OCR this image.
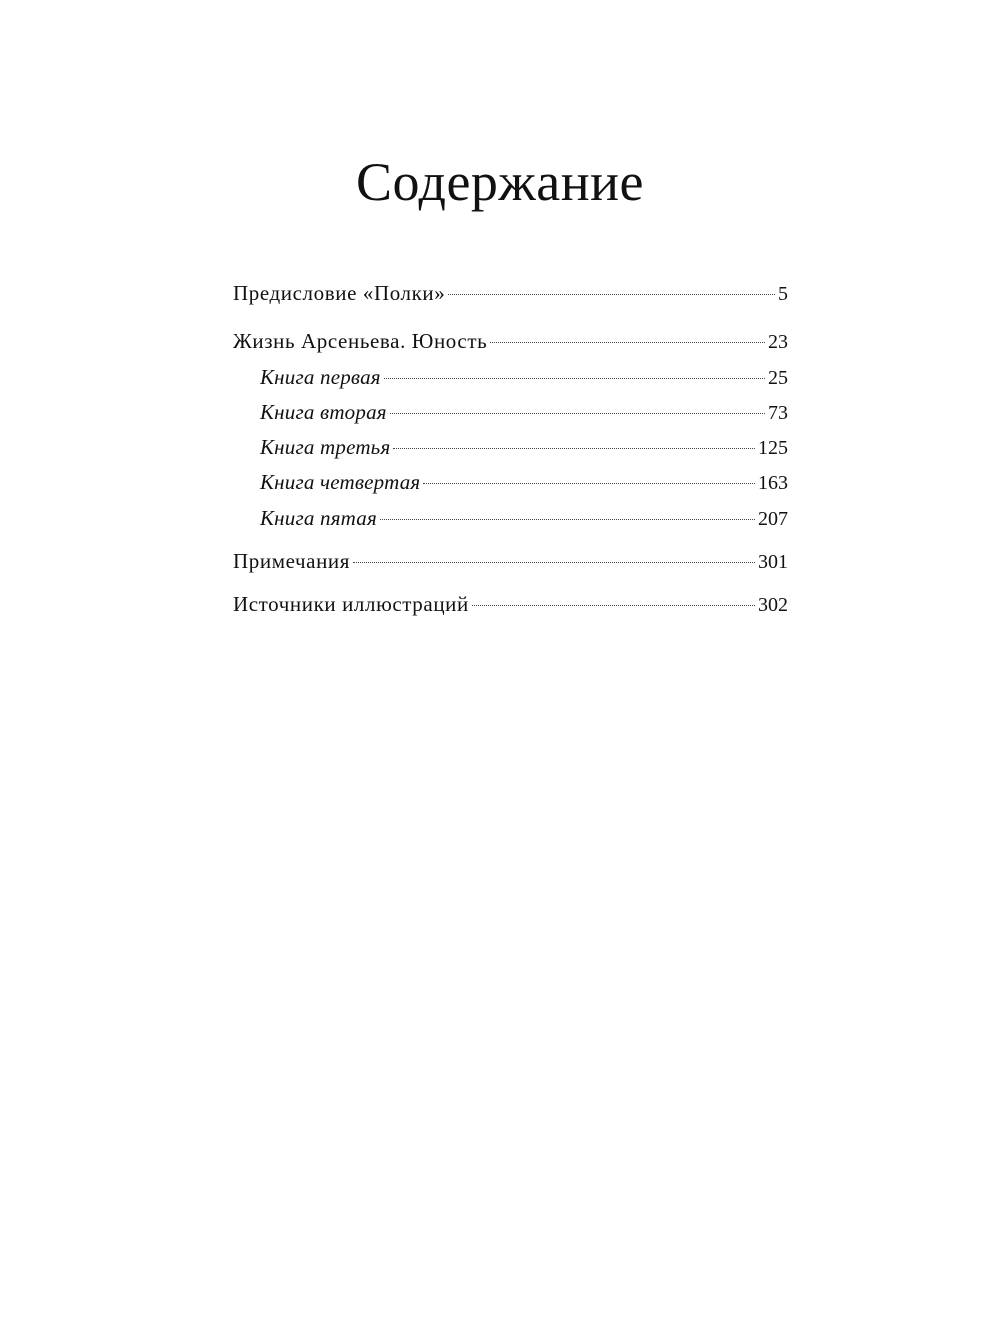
Содержание
Предисловие «Полки»	5
Жизнь Арсеньева. Юность	23
Книга первая	25
Книга вторая	73
Книга третья	125
Книга четвертая	163
Книга пятая	207
Примечания	301
Источники иллюстраций	302
